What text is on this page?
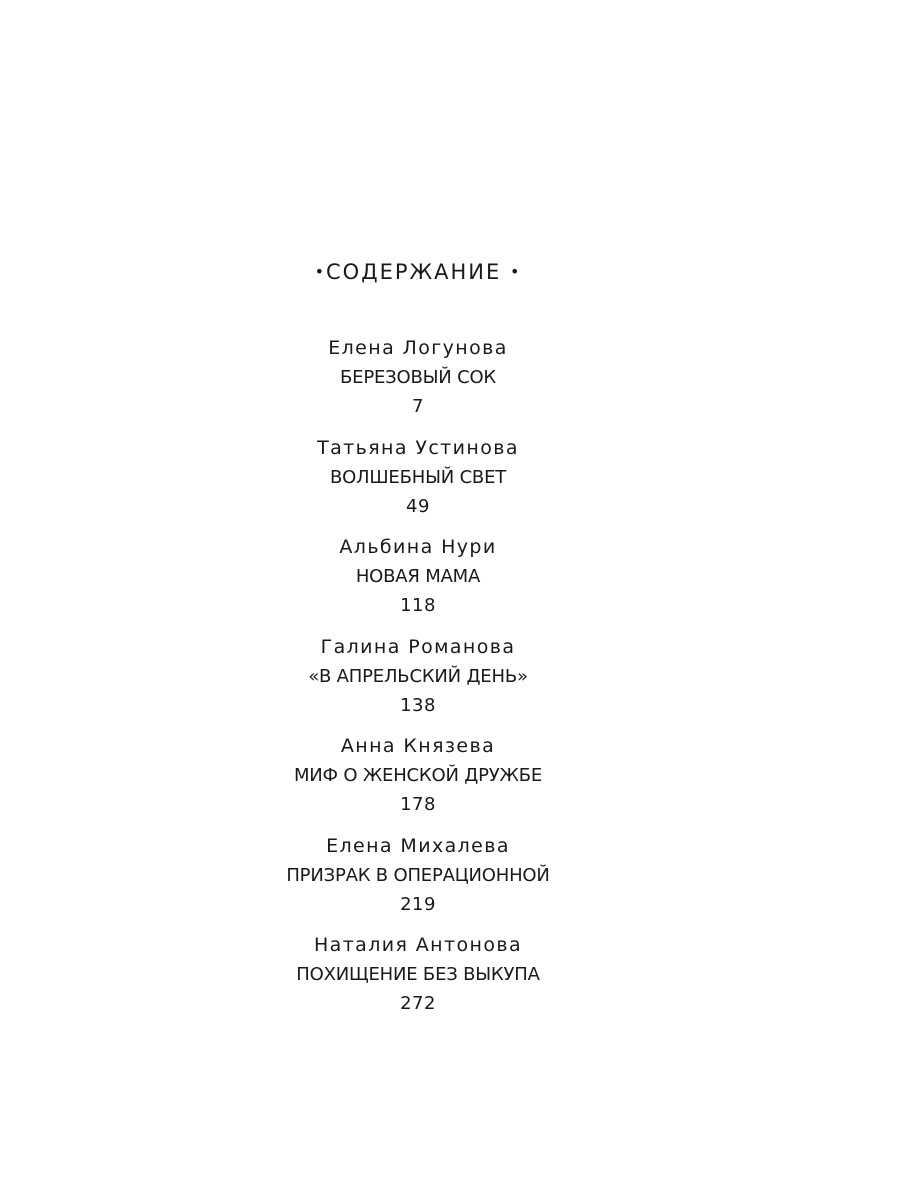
•СОДЕРЖАНИЕ •
Елена Логунова
БЕРЕЗОВЫЙ СОК
7
Татьяна Устинова
ВОЛШЕБНЫЙ СВЕТ
49
Альбина Нури
НОВАЯ МАМА
118
Галина Романова
«В АПРЕЛЬСКИЙ ДЕНЬ»
138
Анна Князева
МИФ О ЖЕНСКОЙ ДРУЖБЕ
178
Елена Михалева
ПРИЗРАК В ОПЕРАЦИОННОЙ
219
Наталия Антонова
ПОХИЩЕНИЕ БЕЗ ВЫКУПА
272
